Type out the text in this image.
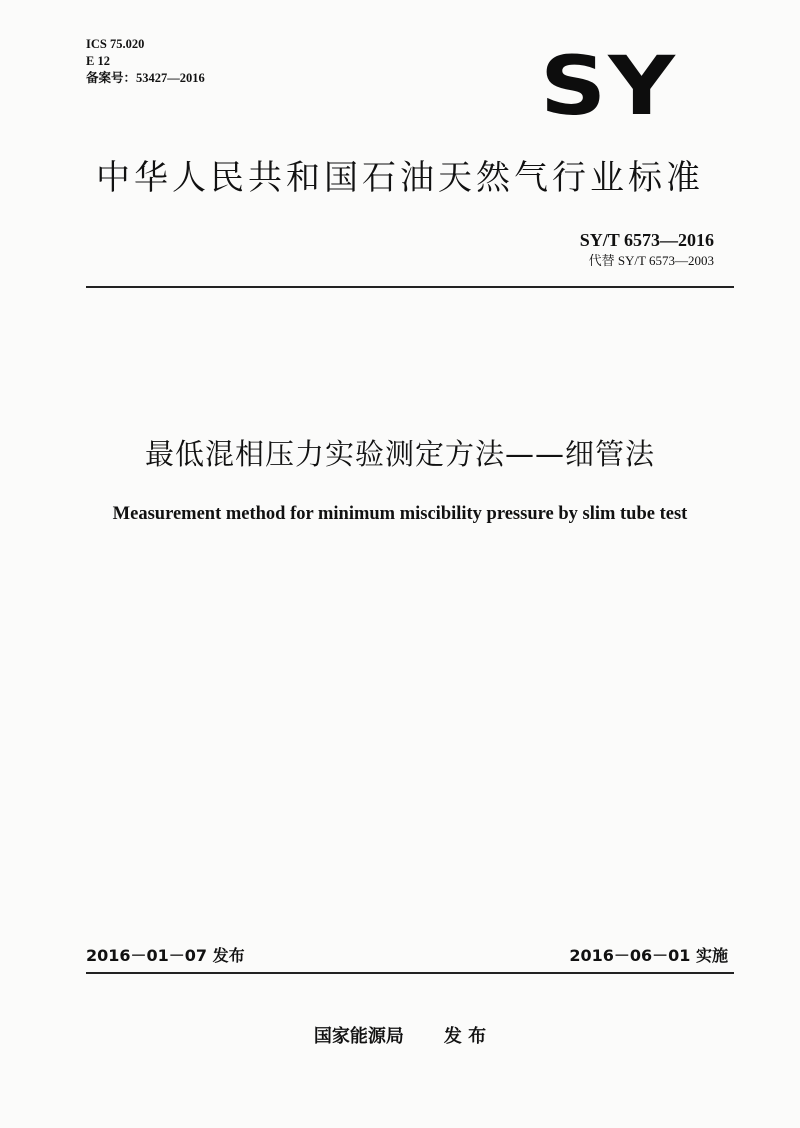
ICS 75.020
E 12
备案号：53427—2016	SY
中华人民共和国石油天然气行业标准
SY/T 6573—2016
代替 SY/T 6573—2003
最低混相压力实验测定方法——细管法
Measurement method for minimum miscibility pressure by slim tube test
2016－01－07 发布	2016－06－01 实施
国家能源局 发 布
